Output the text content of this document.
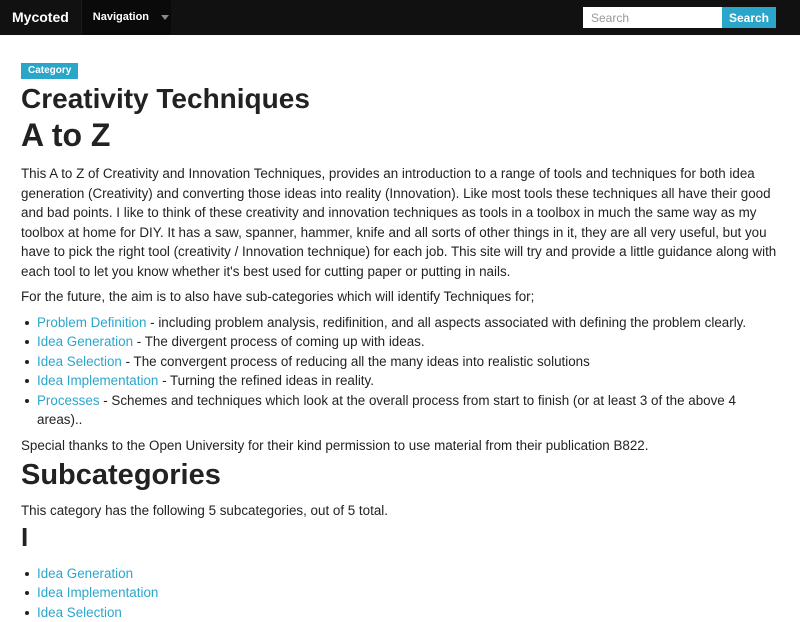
Mycoted	Navigation
Search	Search
Category
Creativity Techniques
A to Z

This A to Z of Creativity and Innovation Techniques, provides an introduction to a range of tools and techniques for both idea generation (Creativity) and converting those ideas into reality (Innovation). Like most tools these techniques all have their good and bad points. I like to think of these creativity and innovation techniques as tools in a toolbox in much the same way as my toolbox at home for DIY. It has a saw, spanner, hammer, knife and all sorts of other things in it, they are all very useful, but you have to pick the right tool (creativity / Innovation technique) for each job. This site will try and provide a little guidance along with each tool to let you know whether it's best used for cutting paper or putting in nails.

For the future, the aim is to also have sub-categories which will identify Techniques for;

Problem Definition - including problem analysis, redifinition, and all aspects associated with defining the problem clearly.
Idea Generation - The divergent process of coming up with ideas.
Idea Selection - The convergent process of reducing all the many ideas into realistic solutions
Idea Implementation - Turning the refined ideas in reality.
Processes - Schemes and techniques which look at the overall process from start to finish (or at least 3 of the above 4 areas)..

Special thanks to the Open University for their kind permission to use material from their publication B822.

Subcategories

This category has the following 5 subcategories, out of 5 total.

I
Idea Generation
Idea Implementation
Idea Selection
